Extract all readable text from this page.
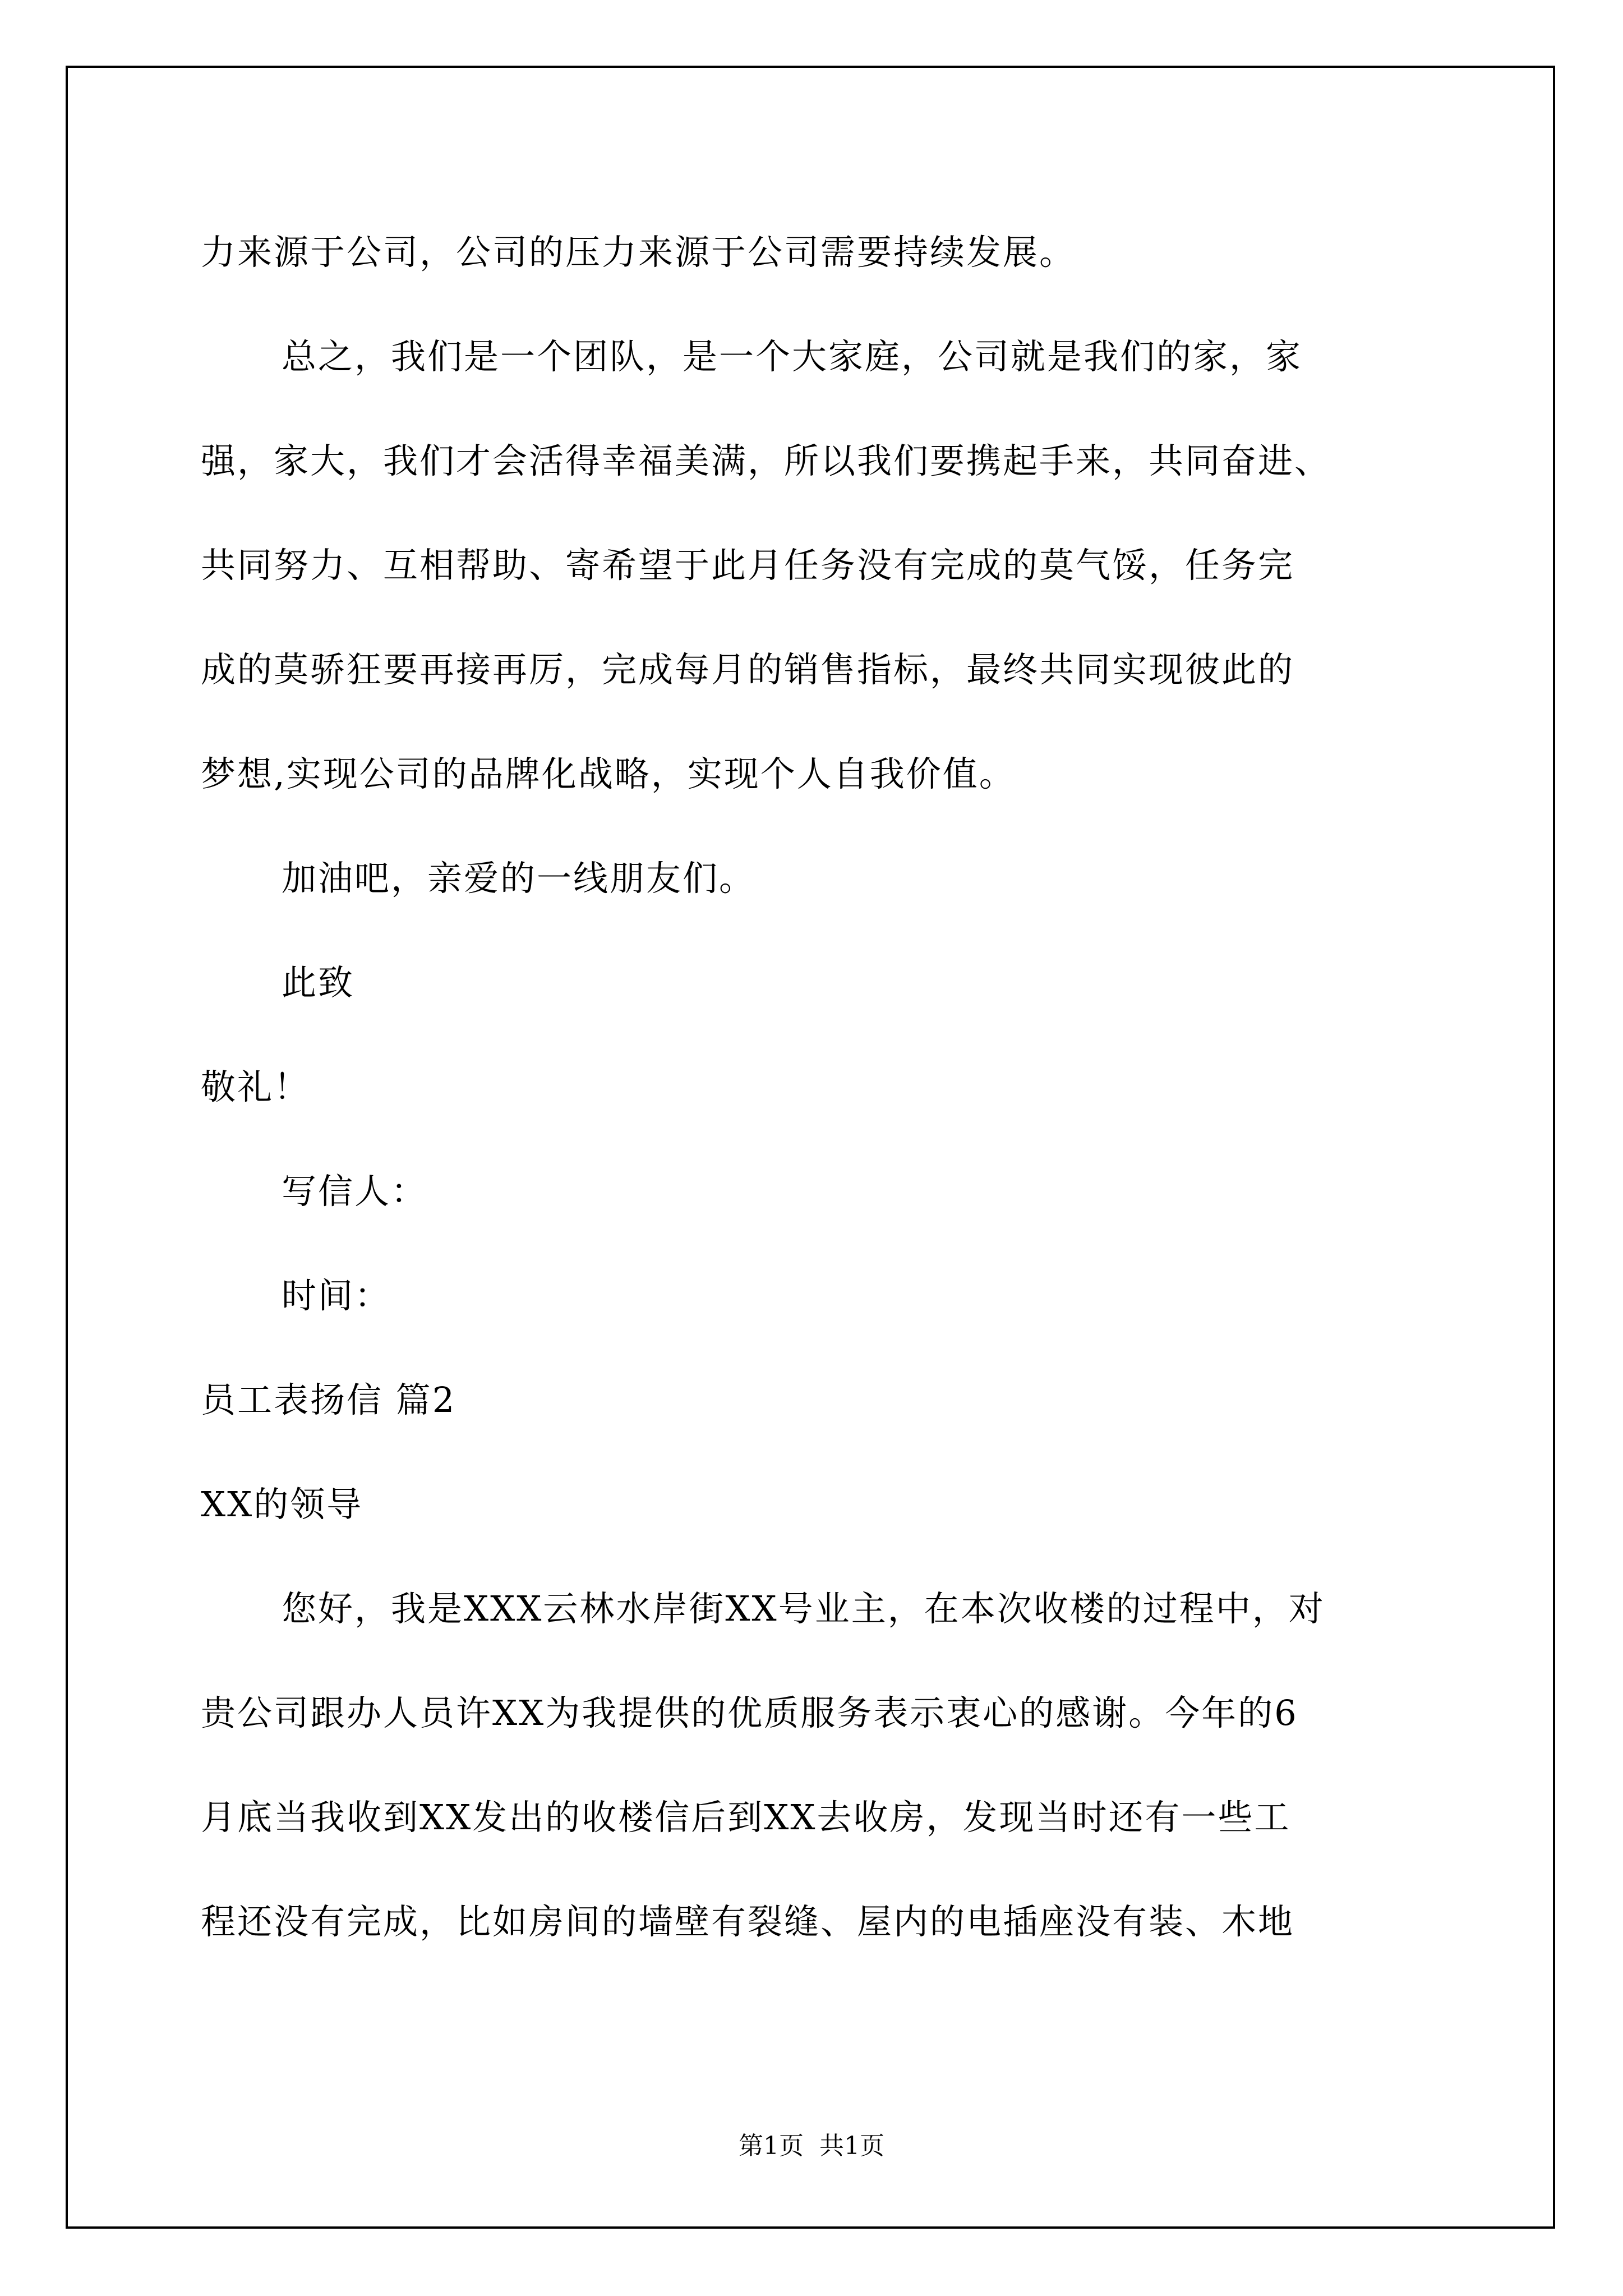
力来源于公司，公司的压力来源于公司需要持续发展。

总之，我们是一个团队，是一个大家庭，公司就是我们的家，家

强，家大，我们才会活得幸福美满，所以我们要携起手来，共同奋进、

共同努力、互相帮助、寄希望于此月任务没有完成的莫气馁，任务完

成的莫骄狂要再接再厉，完成每月的销售指标，最终共同实现彼此的

梦想,实现公司的品牌化战略，实现个人自我价值。

加油吧，亲爱的一线朋友们。

此致

敬礼！

写信人：

时间：

员工表扬信 篇2

XX的领导

您好，我是XXX云林水岸街XX号业主，在本次收楼的过程中，对

贵公司跟办人员许XX为我提供的优质服务表示衷心的感谢。今年的6

月底当我收到XX发出的收楼信后到XX去收房，发现当时还有一些工

程还没有完成，比如房间的墙壁有裂缝、屋内的电插座没有装、木地

第1页  共1页
